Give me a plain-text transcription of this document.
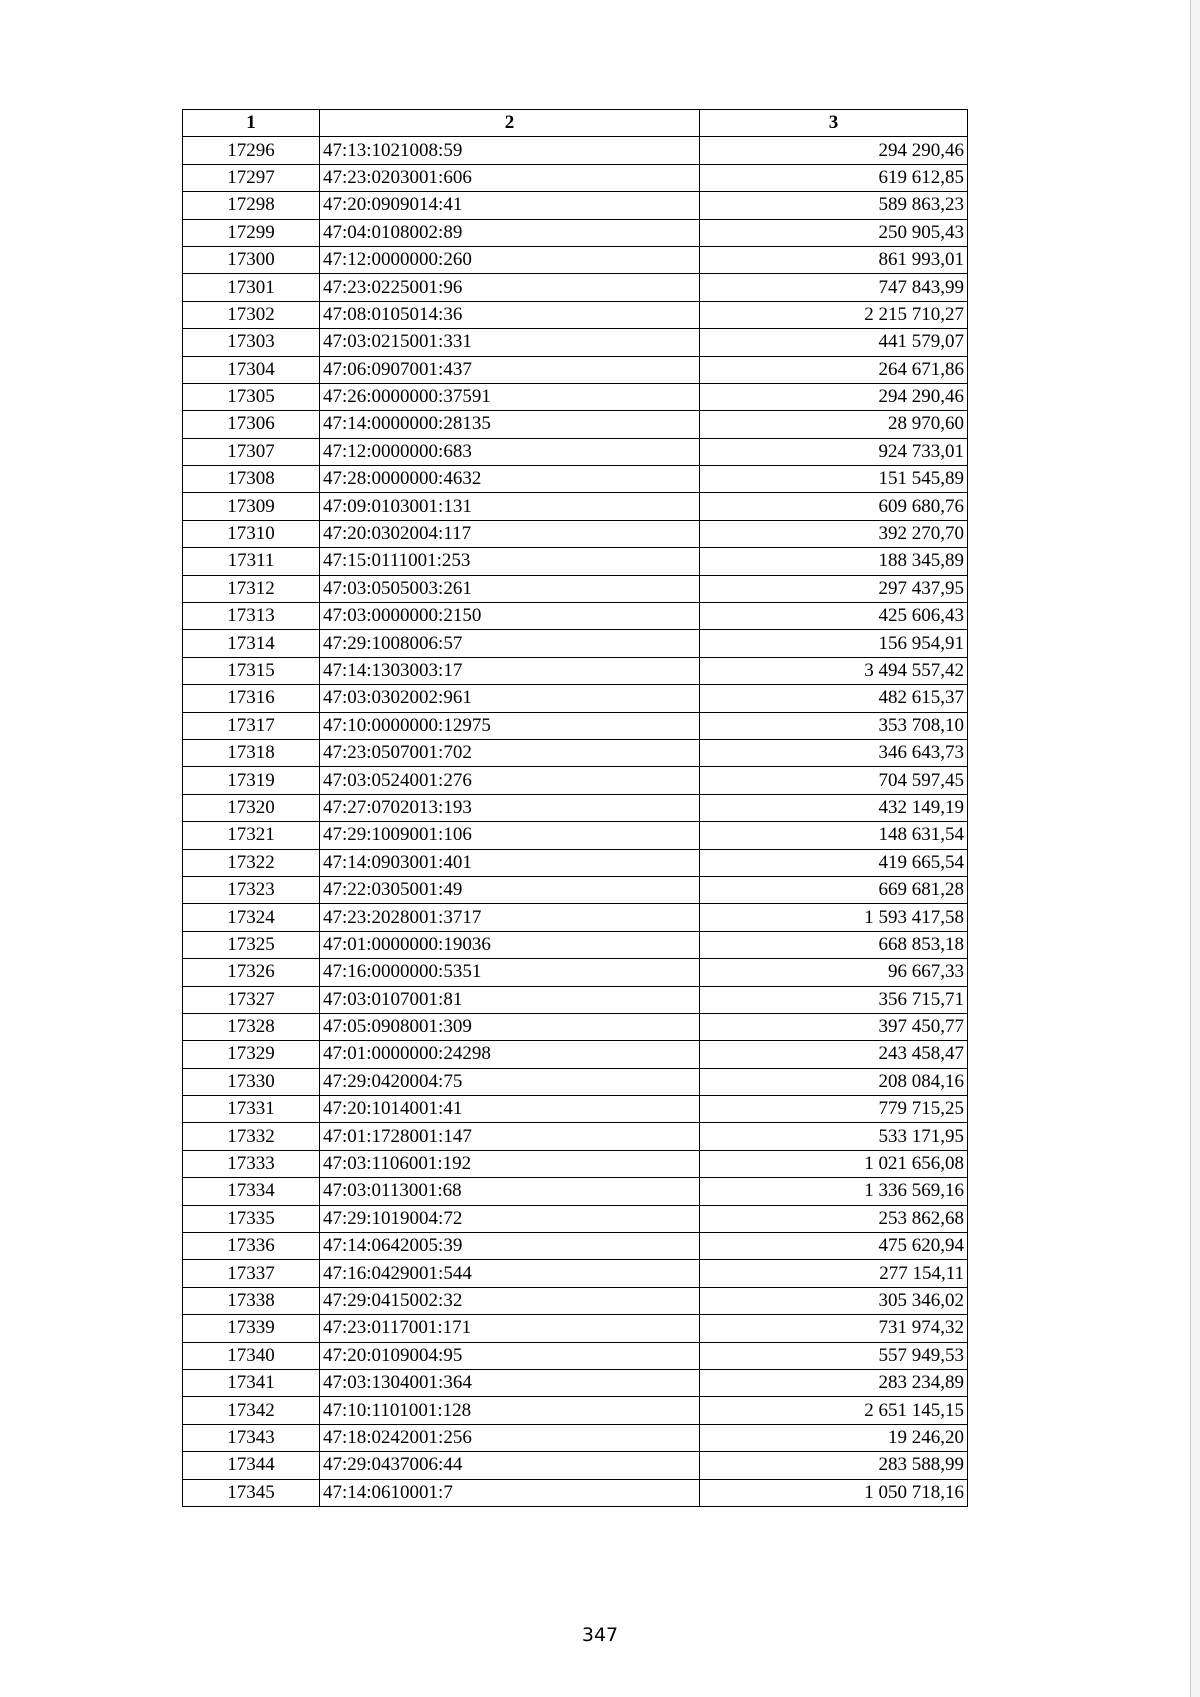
1	2	3
17296	47:13:1021008:59	294 290,46
17297	47:23:0203001:606	619 612,85
17298	47:20:0909014:41	589 863,23
17299	47:04:0108002:89	250 905,43
17300	47:12:0000000:260	861 993,01
17301	47:23:0225001:96	747 843,99
17302	47:08:0105014:36	2 215 710,27
17303	47:03:0215001:331	441 579,07
17304	47:06:0907001:437	264 671,86
17305	47:26:0000000:37591	294 290,46
17306	47:14:0000000:28135	28 970,60
17307	47:12:0000000:683	924 733,01
17308	47:28:0000000:4632	151 545,89
17309	47:09:0103001:131	609 680,76
17310	47:20:0302004:117	392 270,70
17311	47:15:0111001:253	188 345,89
17312	47:03:0505003:261	297 437,95
17313	47:03:0000000:2150	425 606,43
17314	47:29:1008006:57	156 954,91
17315	47:14:1303003:17	3 494 557,42
17316	47:03:0302002:961	482 615,37
17317	47:10:0000000:12975	353 708,10
17318	47:23:0507001:702	346 643,73
17319	47:03:0524001:276	704 597,45
17320	47:27:0702013:193	432 149,19
17321	47:29:1009001:106	148 631,54
17322	47:14:0903001:401	419 665,54
17323	47:22:0305001:49	669 681,28
17324	47:23:2028001:3717	1 593 417,58
17325	47:01:0000000:19036	668 853,18
17326	47:16:0000000:5351	96 667,33
17327	47:03:0107001:81	356 715,71
17328	47:05:0908001:309	397 450,77
17329	47:01:0000000:24298	243 458,47
17330	47:29:0420004:75	208 084,16
17331	47:20:1014001:41	779 715,25
17332	47:01:1728001:147	533 171,95
17333	47:03:1106001:192	1 021 656,08
17334	47:03:0113001:68	1 336 569,16
17335	47:29:1019004:72	253 862,68
17336	47:14:0642005:39	475 620,94
17337	47:16:0429001:544	277 154,11
17338	47:29:0415002:32	305 346,02
17339	47:23:0117001:171	731 974,32
17340	47:20:0109004:95	557 949,53
17341	47:03:1304001:364	283 234,89
17342	47:10:1101001:128	2 651 145,15
17343	47:18:0242001:256	19 246,20
17344	47:29:0437006:44	283 588,99
17345	47:14:0610001:7	1 050 718,16
347
